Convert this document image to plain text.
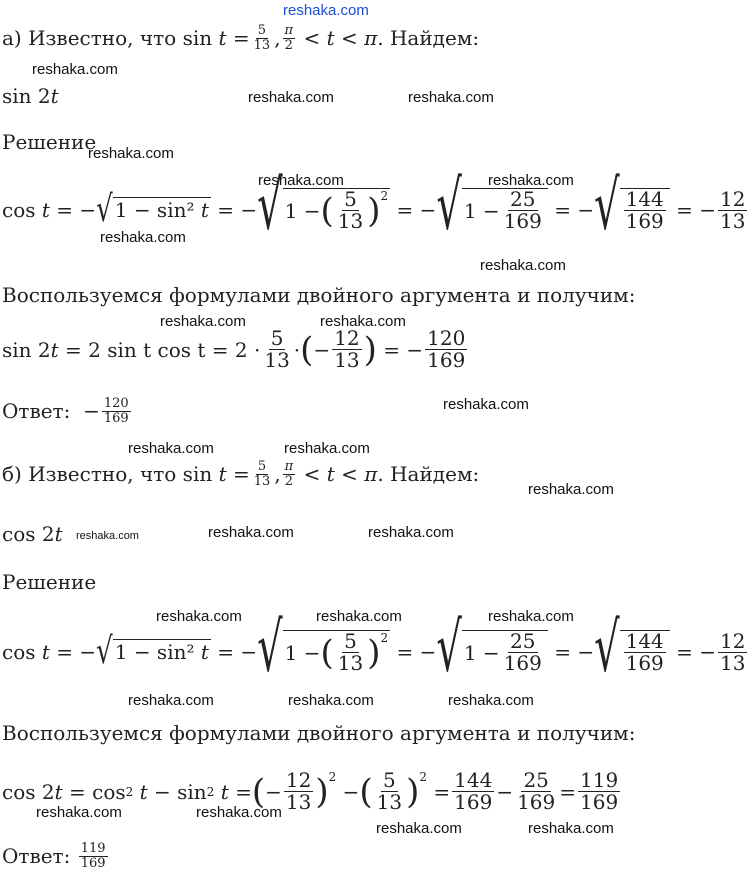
reshaka.com
а) Известно, что sin
t
= $\frac{5}{13}$ , $\frac{\pi}{2}$
<
t
<
π . Найдем:
reshaka.com
sin 2 t	reshaka.com	reshaka.com
Решение
reshaka.com
reshaka.com	reshaka.com
cos
t
= − √ 1 − sin² t
= − √ 1 − ( $\frac{5}{13}$ ) 2

= − √ $1 - \frac{25}{169}$
= − √ $\frac{144}{169}$
= − $\frac{12}{13}$
reshaka.com
reshaka.com
Воспользуемся формулами двойного аргумента и получим:
reshaka.com	reshaka.com
sin 2 t
= 2 sin t $\cos t = 2 \cdot \frac{5}{13}$ · ( − $\frac{12}{13}$ )
= − $\frac{120}{169}$
reshaka.com
Ответ:
− $\frac{120}{169}$
reshaka.com	reshaka.com
б) Известно, что sin
t
= $\frac{5}{13}$ , $\frac{\pi}{2}$
<
t
<
π . Найдем:
reshaka.com
cos 2 t reshaka.com	reshaka.com	reshaka.com
Решение
reshaka.com	reshaka.com	reshaka.com
cos
t
= − √ 1 − sin² t
= − √ 1 − ( $\frac{5}{13}$ ) 2

= − √ $1 - \frac{25}{169}$
= − √ $\frac{144}{169}$
= − $\frac{12}{13}$
reshaka.com	reshaka.com	reshaka.com
Воспользуемся формулами двойного аргумента и получим:
cos 2 t
= cos 2
t
− sin 2
t
= ( − $\frac{12}{13}$ ) 2

− ( $\frac{5}{13}$ ) 2

= $\frac{144}{169} - \frac{25}{169} = \frac{119}{169}$
reshaka.com	reshaka.com
reshaka.com	reshaka.com
Ответ:
$\frac{119}{169}$
